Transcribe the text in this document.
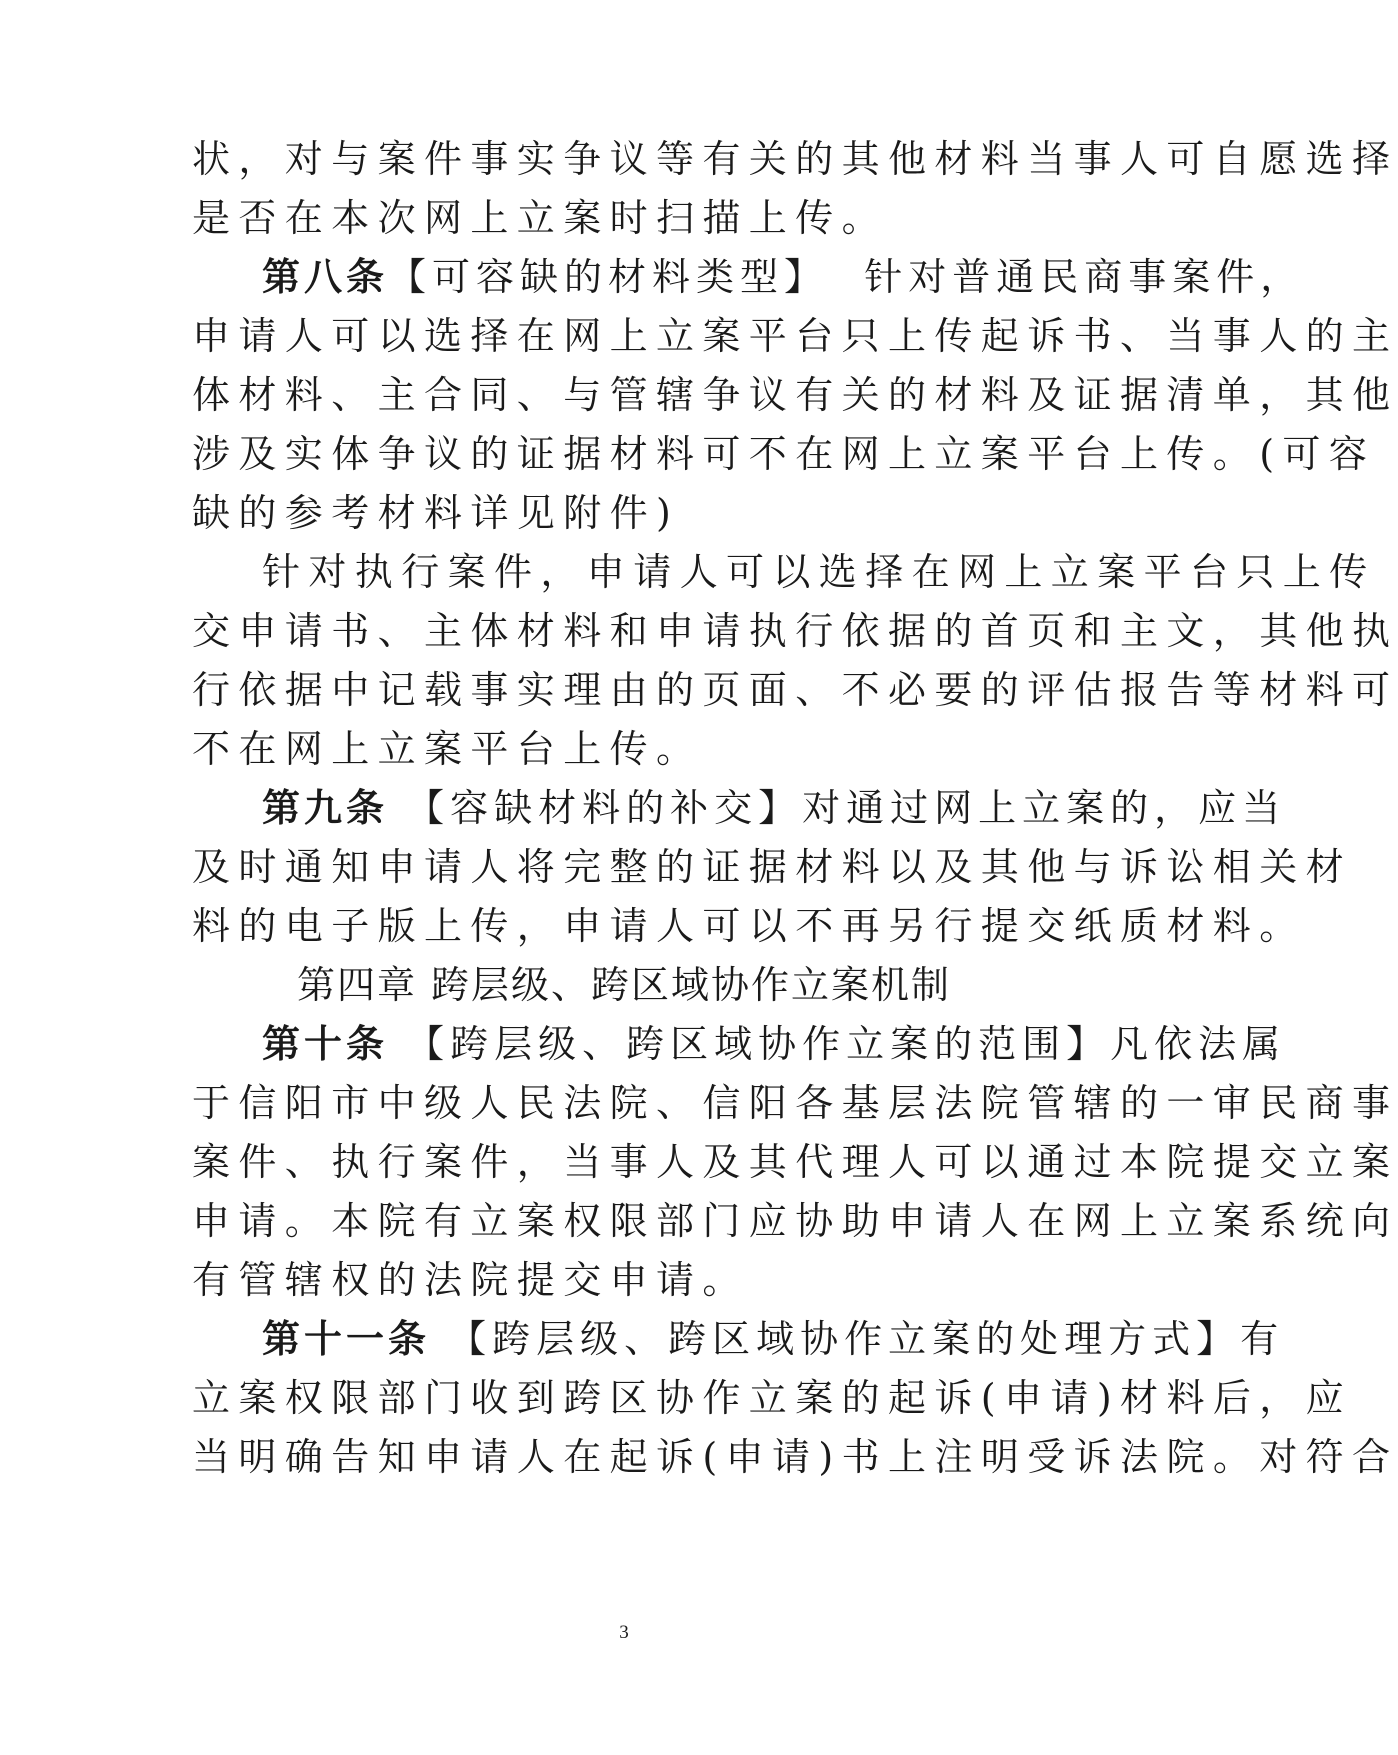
状，对与案件事实争议等有关的其他材料当事人可自愿选择
是否在本次网上立案时扫描上传。
第八条【可容缺的材料类型】 针对普通民商事案件，
申请人可以选择在网上立案平台只上传起诉书、当事人的主
体材料、主合同、与管辖争议有关的材料及证据清单，其他
涉及实体争议的证据材料可不在网上立案平台上传。(可容
缺的参考材料详见附件)
针对执行案件，申请人可以选择在网上立案平台只上传
交申请书、主体材料和申请执行依据的首页和主文，其他执
行依据中记载事实理由的页面、不必要的评估报告等材料可
不在网上立案平台上传。
第九条 【容缺材料的补交】对通过网上立案的，应当
及时通知申请人将完整的证据材料以及其他与诉讼相关材
料的电子版上传，申请人可以不再另行提交纸质材料。
第四章 跨层级、跨区域协作立案机制
第十条 【跨层级、跨区域协作立案的范围】凡依法属
于信阳市中级人民法院、信阳各基层法院管辖的一审民商事
案件、执行案件，当事人及其代理人可以通过本院提交立案
申请。本院有立案权限部门应协助申请人在网上立案系统向
有管辖权的法院提交申请。
第十一条 【跨层级、跨区域协作立案的处理方式】有
立案权限部门收到跨区协作立案的起诉(申请)材料后，应
当明确告知申请人在起诉(申请)书上注明受诉法院。对符合
3
